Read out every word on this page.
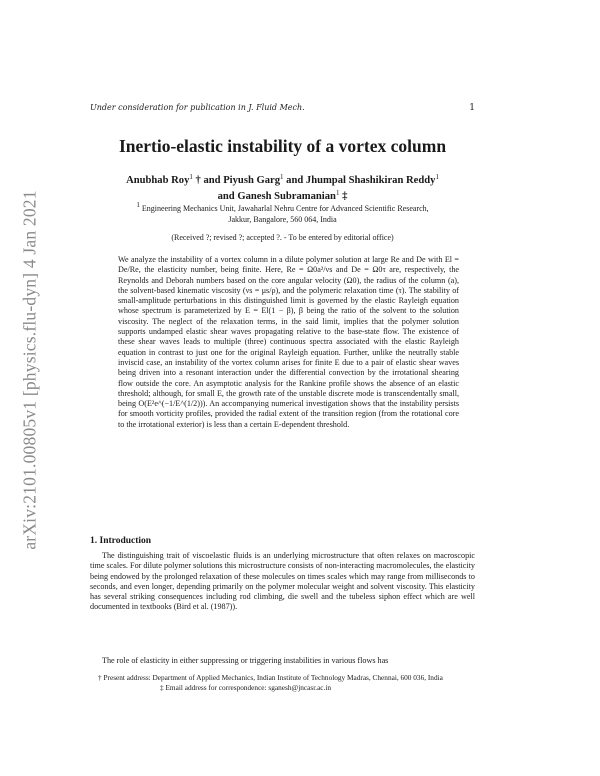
arXiv:2101.00805v1 [physics.flu-dyn] 4 Jan 2021
Under consideration for publication in J. Fluid Mech.	1
Inertio-elastic instability of a vortex column
Anubhab Roy$^1$ † and Piyush Garg$^1$ and Jhumpal Shashikiran Reddy$^1$
and Ganesh Subramanian$^1$ ‡
1 Engineering Mechanics Unit, Jawaharlal Nehru Centre for Advanced Scientific Research,
Jakkur, Bangalore, 560 064, India
(Received ?; revised ?; accepted ?. - To be entered by editorial office)
We analyze the instability of a vortex column in a dilute polymer solution at large Re and De with El = De/Re, the elasticity number, being finite. Here, Re = Ω0a²/νs and De = Ω0τ are, respectively, the Reynolds and Deborah numbers based on the core angular velocity (Ω0), the radius of the column (a), the solvent-based kinematic viscosity (νs = μs/ρ), and the polymeric relaxation time (τ). The stability of small-amplitude perturbations in this distinguished limit is governed by the elastic Rayleigh equation whose spectrum is parameterized by E = El(1 − β), β being the ratio of the solvent to the solution viscosity. The neglect of the relaxation terms, in the said limit, implies that the polymer solution supports undamped elastic shear waves propagating relative to the base-state flow. The existence of these shear waves leads to multiple (three) continuous spectra associated with the elastic Rayleigh equation in contrast to just one for the original Rayleigh equation. Further, unlike the neutrally stable inviscid case, an instability of the vortex column arises for finite E due to a pair of elastic shear waves being driven into a resonant interaction under the differential convection by the irrotational shearing flow outside the core. An asymptotic analysis for the Rankine profile shows the absence of an elastic threshold; although, for small E, the growth rate of the unstable discrete mode is transcendentally small, being O(E²e^(−1/E^(1/2))). An accompanying numerical investigation shows that the instability persists for smooth vorticity profiles, provided the radial extent of the transition region (from the rotational core to the irrotational exterior) is less than a certain E-dependent threshold.
1. Introduction
The distinguishing trait of viscoelastic fluids is an underlying microstructure that often relaxes on macroscopic time scales. For dilute polymer solutions this microstructure consists of non-interacting macromolecules, the elasticity being endowed by the prolonged relaxation of these molecules on times scales which may range from milliseconds to seconds, and even longer, depending primarily on the polymer molecular weight and solvent viscosity. This elasticity has several striking consequences including rod climbing, die swell and the tubeless siphon effect which are well documented in textbooks (Bird et al. (1987)).
The role of elasticity in either suppressing or triggering instabilities in various flows has
† Present address: Department of Applied Mechanics, Indian Institute of Technology Madras, Chennai, 600 036, India
‡ Email address for correspondence: sganesh@jncasr.ac.in
